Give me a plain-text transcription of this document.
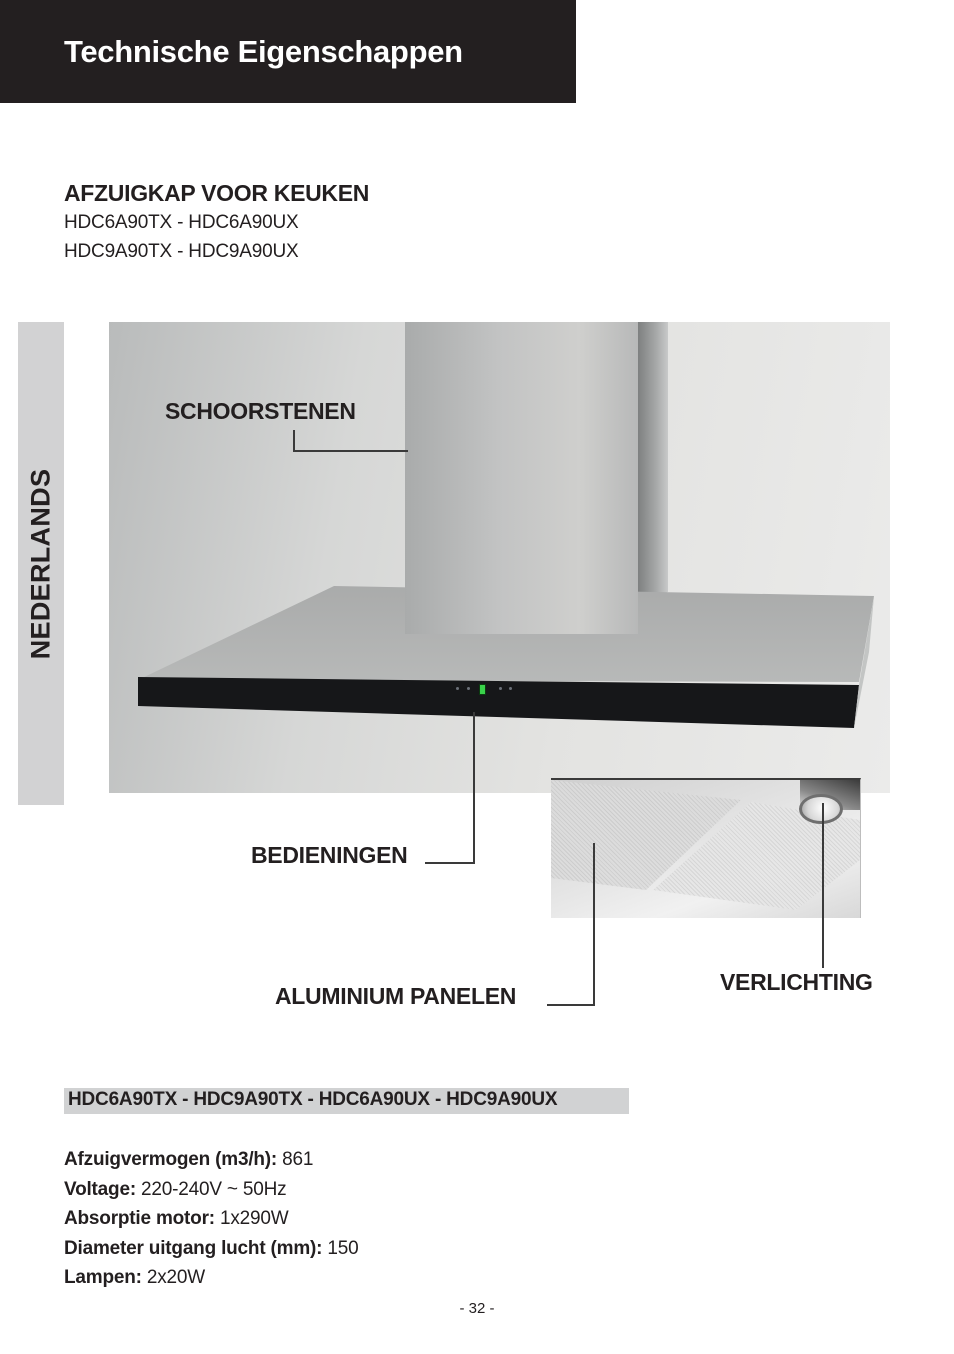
Technische Eigenschappen
AFZUIGKAP VOOR KEUKEN
HDC6A90TX - HDC6A90UX
HDC9A90TX - HDC9A90UX
NEDERLANDS
SCHOORSTENEN
BEDIENINGEN
ALUMINIUM PANELEN
VERLICHTING
HDC6A90TX - HDC9A90TX - HDC6A90UX - HDC9A90UX
Afzuigvermogen (m3/h): 861
Voltage: 220-240V ~ 50Hz
Absorptie motor: 1x290W
Diameter uitgang lucht (mm): 150
Lampen: 2x20W
- 32 -
